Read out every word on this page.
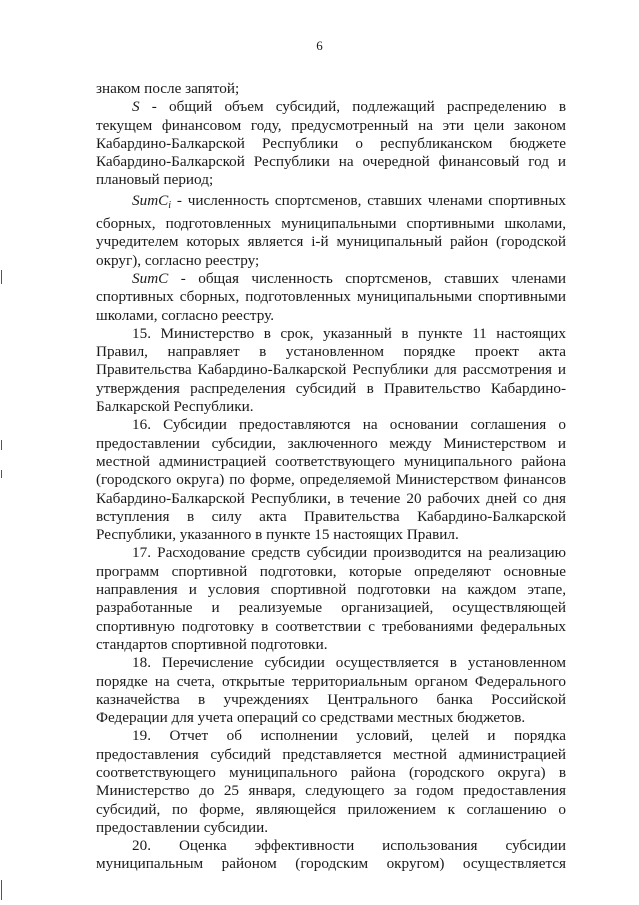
6

знаком после запятой;

S - общий объем субсидий, подлежащий распределению в текущем финансовом году, предусмотренный на эти цели законом Кабардино-Балкарской Республики о республиканском бюджете Кабардино-Балкарской Республики на очередной финансовый год и плановый период;

SumC$_i$ - численность спортсменов, ставших членами спортивных сборных, подготовленных муниципальными спортивными школами, учредителем которых является i-й муниципальный район (городской округ), согласно реестру;

SumC - общая численность спортсменов, ставших членами спортивных сборных, подготовленных муниципальными спортивными школами, согласно реестру.

15. Министерство в срок, указанный в пункте 11 настоящих Правил, направляет в установленном порядке проект акта Правительства Кабардино-Балкарской Республики для рассмотрения и утверждения распределения субсидий в Правительство Кабардино-Балкарской Республики.

16. Субсидии предоставляются на основании соглашения о предоставлении субсидии, заключенного между Министерством и местной администрацией соответствующего муниципального района (городского округа) по форме, определяемой Министерством финансов Кабардино-Балкарской Республики, в течение 20 рабочих дней со дня вступления в силу акта Правительства Кабардино-Балкарской Республики, указанного в пункте 15 настоящих Правил.

17. Расходование средств субсидии производится на реализацию программ спортивной подготовки, которые определяют основные направления и условия спортивной подготовки на каждом этапе, разработанные и реализуемые организацией, осуществляющей спортивную подготовку в соответствии с требованиями федеральных стандартов спортивной подготовки.

18. Перечисление субсидии осуществляется в установленном порядке на счета, открытые территориальным органом Федерального казначейства в учреждениях Центрального банка Российской Федерации для учета операций со средствами местных бюджетов.

19. Отчет об исполнении условий, целей и порядка предоставления субсидий представляется местной администрацией соответствующего муниципального района (городского округа) в Министерство до 25 января, следующего за годом предоставления субсидий, по форме, являющейся приложением к соглашению о предоставлении субсидии.

20. Оценка эффективности использования субсидии муниципальным районом (городским округом) осуществляется
